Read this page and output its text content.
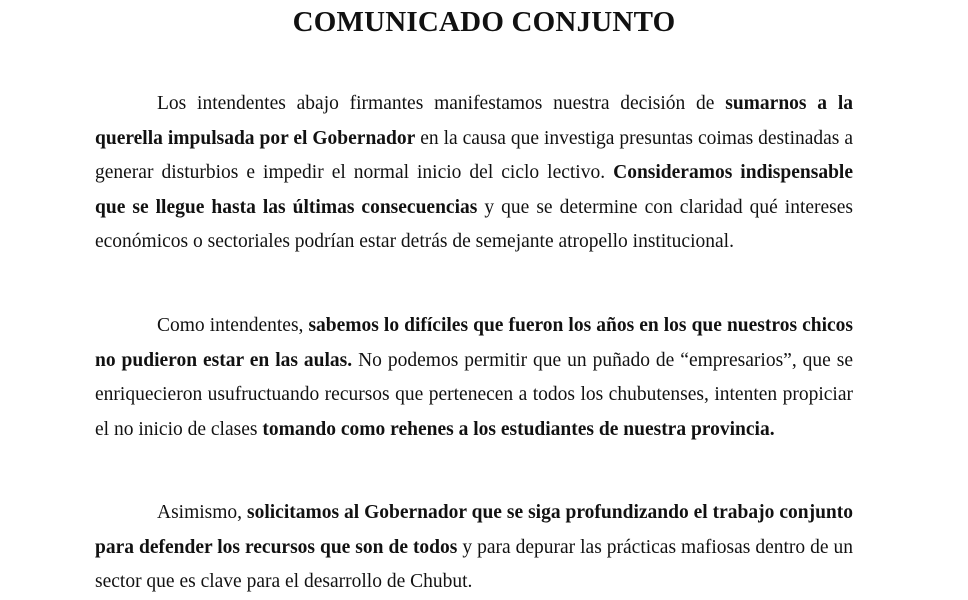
COMUNICADO CONJUNTO

Los intendentes abajo firmantes manifestamos nuestra decisión de sumarnos a la querella impulsada por el Gobernador en la causa que investiga presuntas coimas destinadas a generar disturbios e impedir el normal inicio del ciclo lectivo. Consideramos indispensable que se llegue hasta las últimas consecuencias y que se determine con claridad qué intereses económicos o sectoriales podrían estar detrás de semejante atropello institucional.

Como intendentes, sabemos lo difíciles que fueron los años en los que nuestros chicos no pudieron estar en las aulas. No podemos permitir que un puñado de “empresarios”, que se enriquecieron usufructuando recursos que pertenecen a todos los chubutenses, intenten propiciar el no inicio de clases tomando como rehenes a los estudiantes de nuestra provincia.

Asimismo, solicitamos al Gobernador que se siga profundizando el trabajo conjunto para defender los recursos que son de todos y para depurar las prácticas mafiosas dentro de un sector que es clave para el desarrollo de Chubut.
